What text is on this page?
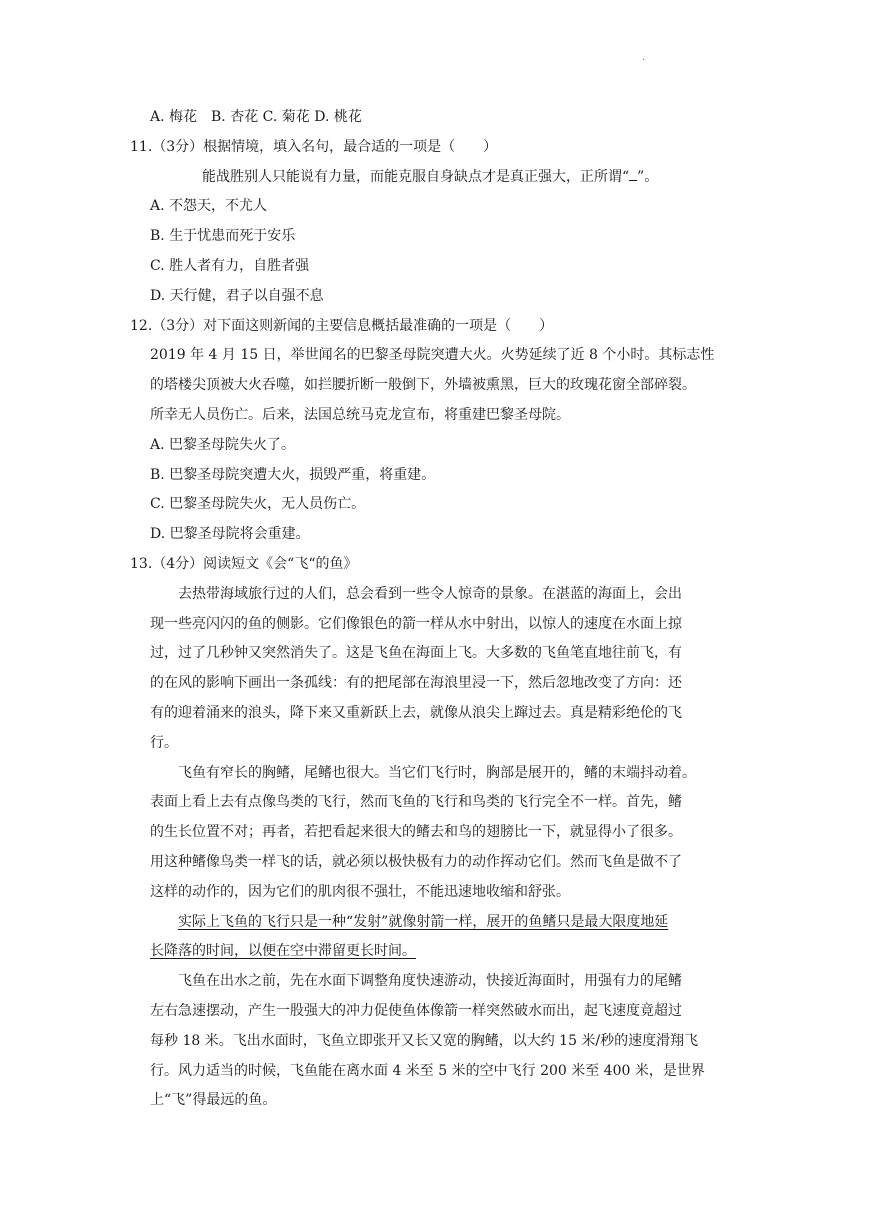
.
A. 梅花　B. 杏花 C. 菊花 D. 桃花
11.（3分）根据情境，填入名句，最合适的一项是（　　）
能战胜别人只能说有力量，而能克服自身缺点才是真正强大，正所谓“ ”。
A. 不怨天，不尤人
B. 生于忧患而死于安乐
C. 胜人者有力，自胜者强
D. 天行健，君子以自强不息
12.（3分）对下面这则新闻的主要信息概括最准确的一项是（　　）
2019 年 4 月 15 日，举世闻名的巴黎圣母院突遭大火。火势延续了近 8 个小时。其标志性
的塔楼尖顶被大火吞噬，如拦腰折断一般倒下，外墙被熏黑，巨大的玫瑰花窗全部碎裂。
所幸无人员伤亡。后来，法国总统马克龙宣布，将重建巴黎圣母院。
A. 巴黎圣母院失火了。
B. 巴黎圣母院突遭大火，损毁严重，将重建。
C. 巴黎圣母院失火，无人员伤亡。
D. 巴黎圣母院将会重建。
13.（4分）阅读短文《会“飞“的鱼》
去热带海域旅行过的人们，总会看到一些令人惊奇的景象。在湛蓝的海面上，会出
现一些亮闪闪的鱼的侧影。它们像银色的箭一样从水中射出，以惊人的速度在水面上掠
过，过了几秒钟又突然消失了。这是飞鱼在海面上飞。大多数的飞鱼笔直地往前飞，有
的在风的影响下画出一条孤线：有的把尾部在海浪里浸一下，然后忽地改变了方向：还
有的迎着涌来的浪头，降下来又重新跃上去，就像从浪尖上蹿过去。真是精彩绝伦的飞
行。
飞鱼有窄长的胸鳍，尾鳍也很大。当它们飞行时，胸部是展开的，鳍的末端抖动着。
表面上看上去有点像鸟类的飞行，然而飞鱼的飞行和鸟类的飞行完全不一样。首先，鳍
的生长位置不对；再者，若把看起来很大的鳍去和鸟的翅膀比一下，就显得小了很多。
用这种鳍像鸟类一样飞的话，就必须以极快极有力的动作挥动它们。然而飞鱼是做不了
这样的动作的，因为它们的肌肉很不强壮，不能迅速地收缩和舒张。
实际上飞鱼的飞行只是一种“发射”就像射箭一样，展开的鱼鳍只是最大限度地延
长降落的时间，以便在空中滞留更长时间。
飞鱼在出水之前，先在水面下调整角度快速游动，快接近海面时，用强有力的尾鳍
左右急速摆动，产生一股强大的冲力促使鱼体像箭一样突然破水而出，起飞速度竟超过
每秒 18 米。飞出水面时，飞鱼立即张开又长又宽的胸鳍，以大约 15 米/秒的速度滑翔飞
行。风力适当的时候，飞鱼能在离水面 4 米至 5 米的空中飞行 200 米至 400 米，是世界
上“飞”得最远的鱼。
